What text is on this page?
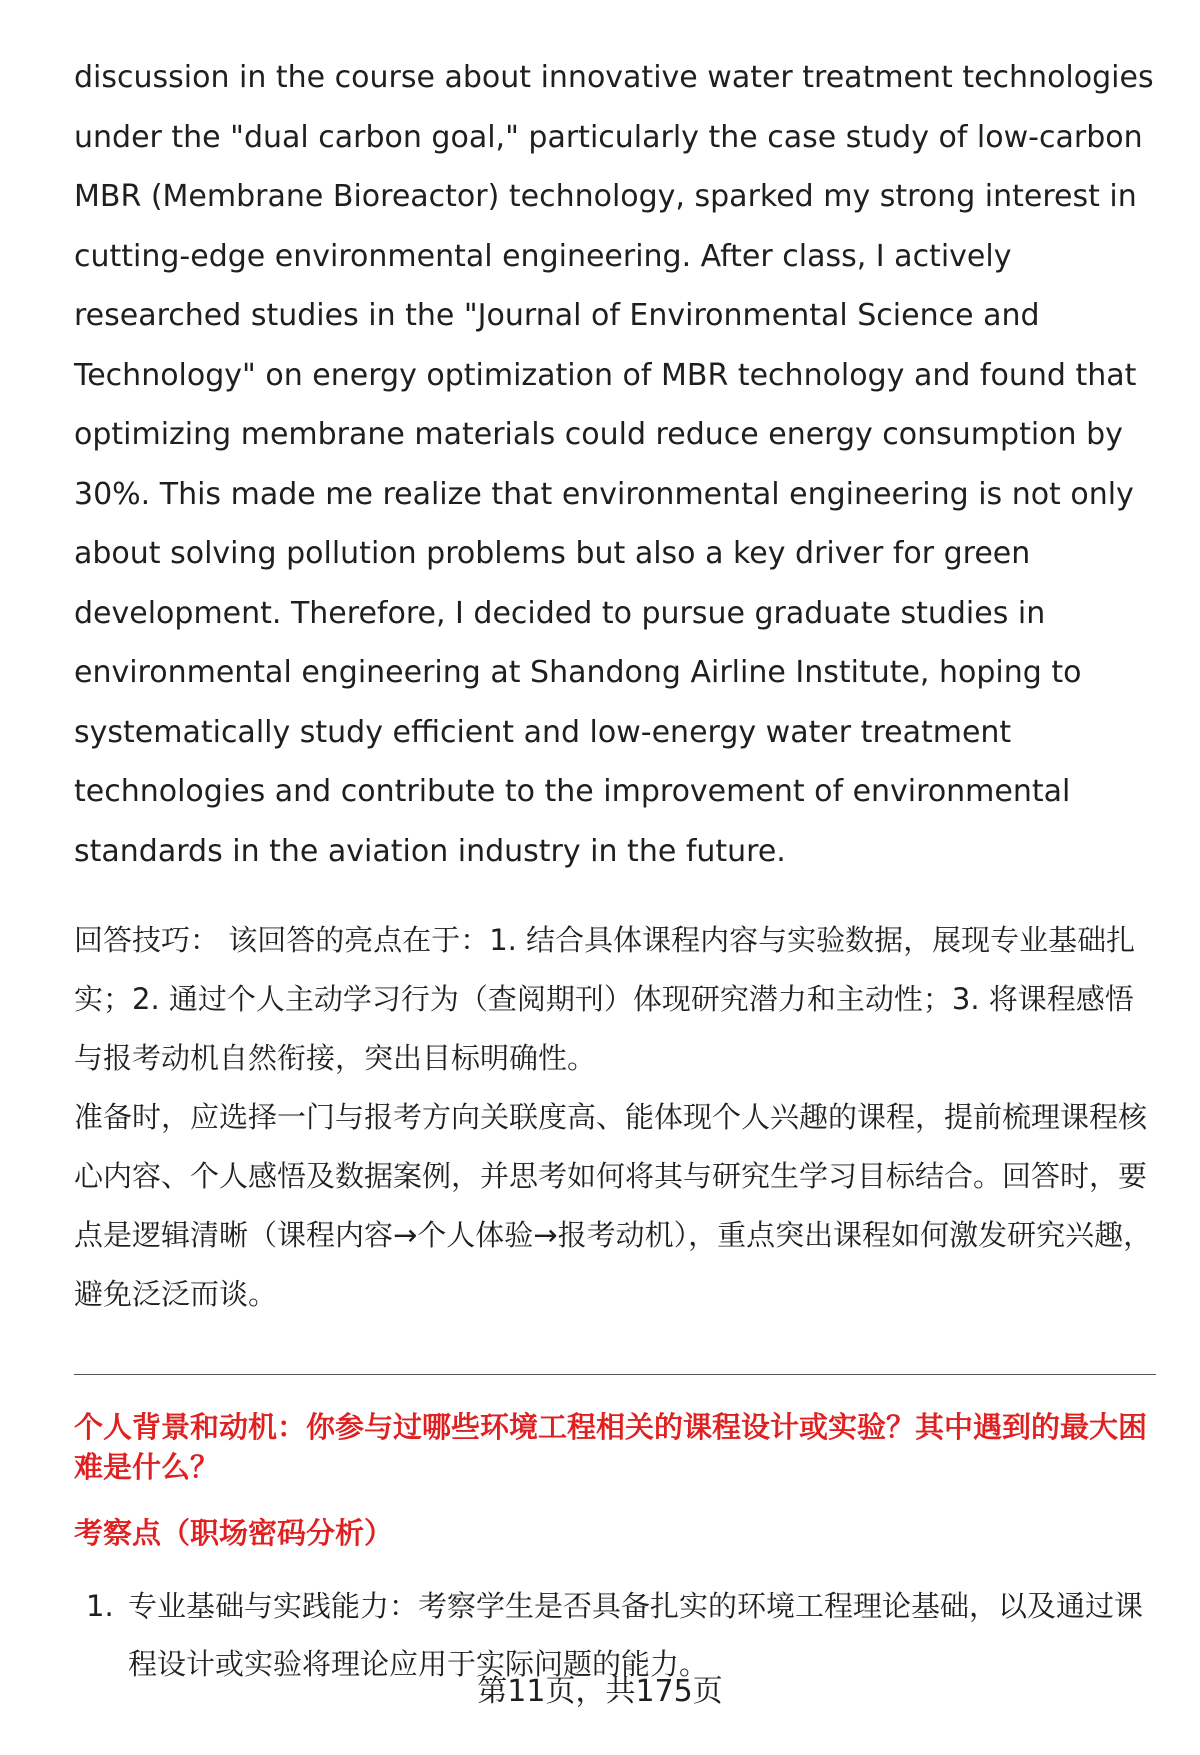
discussion in the course about innovative water treatment technologies under the "dual carbon goal," particularly the case study of low-carbon MBR (Membrane Bioreactor) technology, sparked my strong interest in cutting-edge environmental engineering. After class, I actively researched studies in the "Journal of Environmental Science and Technology" on energy optimization of MBR technology and found that optimizing membrane materials could reduce energy consumption by 30%. This made me realize that environmental engineering is not only about solving pollution problems but also a key driver for green development. Therefore, I decided to pursue graduate studies in environmental engineering at Shandong Airline Institute, hoping to systematically study efficient and low-energy water treatment technologies and contribute to the improvement of environmental standards in the aviation industry in the future.

回答技巧： 该回答的亮点在于：1. 结合具体课程内容与实验数据，展现专业基础扎实；2. 通过个人主动学习行为（查阅期刊）体现研究潜力和主动性；3. 将课程感悟与报考动机自然衔接，突出目标明确性。

准备时，应选择一门与报考方向关联度高、能体现个人兴趣的课程，提前梳理课程核心内容、个人感悟及数据案例，并思考如何将其与研究生学习目标结合。回答时，要点是逻辑清晰（课程内容→个人体验→报考动机），重点突出课程如何激发研究兴趣，避免泛泛而谈。

个人背景和动机：你参与过哪些环境工程相关的课程设计或实验？其中遇到的最大困难是什么？
考察点（职场密码分析）
1. 专业基础与实践能力：考察学生是否具备扎实的环境工程理论基础，以及通过课程设计或实验将理论应用于实际问题的能力。
第11页，共175页
